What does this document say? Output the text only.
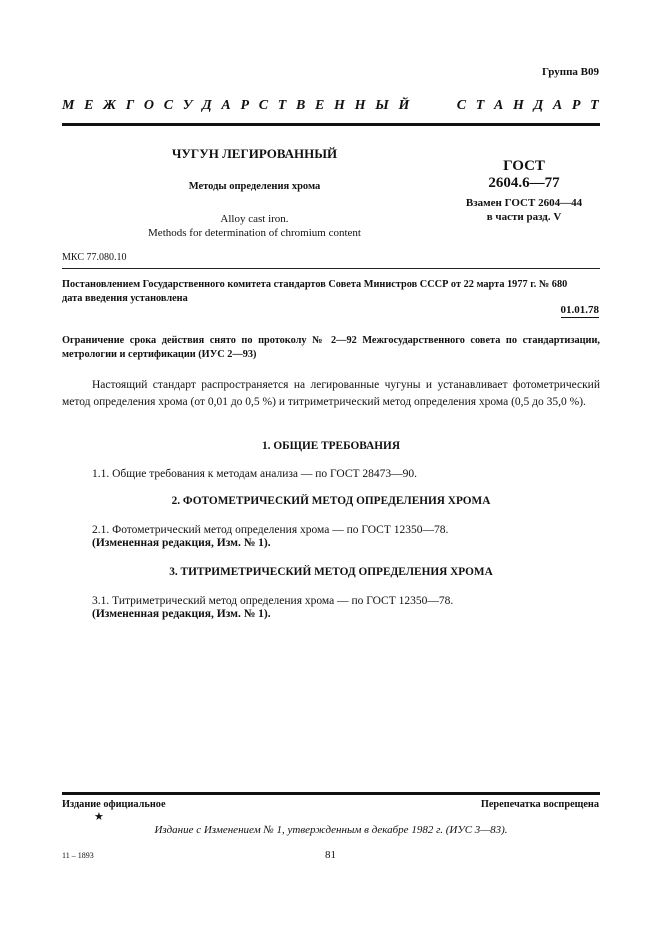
Группа В09
М Е Ж Г О С У Д А Р С Т В Е Н Н Ы Й	С Т А Н Д А Р Т
ЧУГУН ЛЕГИРОВАННЫЙ
Методы определения хрома
Alloy cast iron.
Methods for determination of chromium content
ГОСТ
2604.6—77
Взамен ГОСТ 2604—44
в части разд. V
МКС 77.080.10
Постановлением Государственного комитета стандартов Совета Министров СССР от 22 марта 1977 г. № 680
дата введения установлена
01.01.78
Ограничение срока действия снято по протоколу № 2—92 Межгосударственного совета по стандартизации, метрологии и сертификации (ИУС 2—93)
Настоящий стандарт распространяется на легированные чугуны и устанавливает фотометрический метод определения хрома (от 0,01 до 0,5 %) и титриметрический метод определения хрома (0,5 до 35,0 %).
1. ОБЩИЕ ТРЕБОВАНИЯ
1.1. Общие требования к методам анализа — по ГОСТ 28473—90.
2. ФОТОМЕТРИЧЕСКИЙ МЕТОД ОПРЕДЕЛЕНИЯ ХРОМА
2.1. Фотометрический метод определения хрома — по ГОСТ 12350—78.
(Измененная редакция, Изм. № 1).
3. ТИТРИМЕТРИЧЕСКИЙ МЕТОД ОПРЕДЕЛЕНИЯ ХРОМА
3.1. Титриметрический метод определения хрома — по ГОСТ 12350—78.
(Измененная редакция, Изм. № 1).
Издание официальное	Перепечатка воспрещена
★
Издание с Изменением № 1, утвержденным в декабре 1982 г. (ИУС 3—83).
11 – 1893	81
